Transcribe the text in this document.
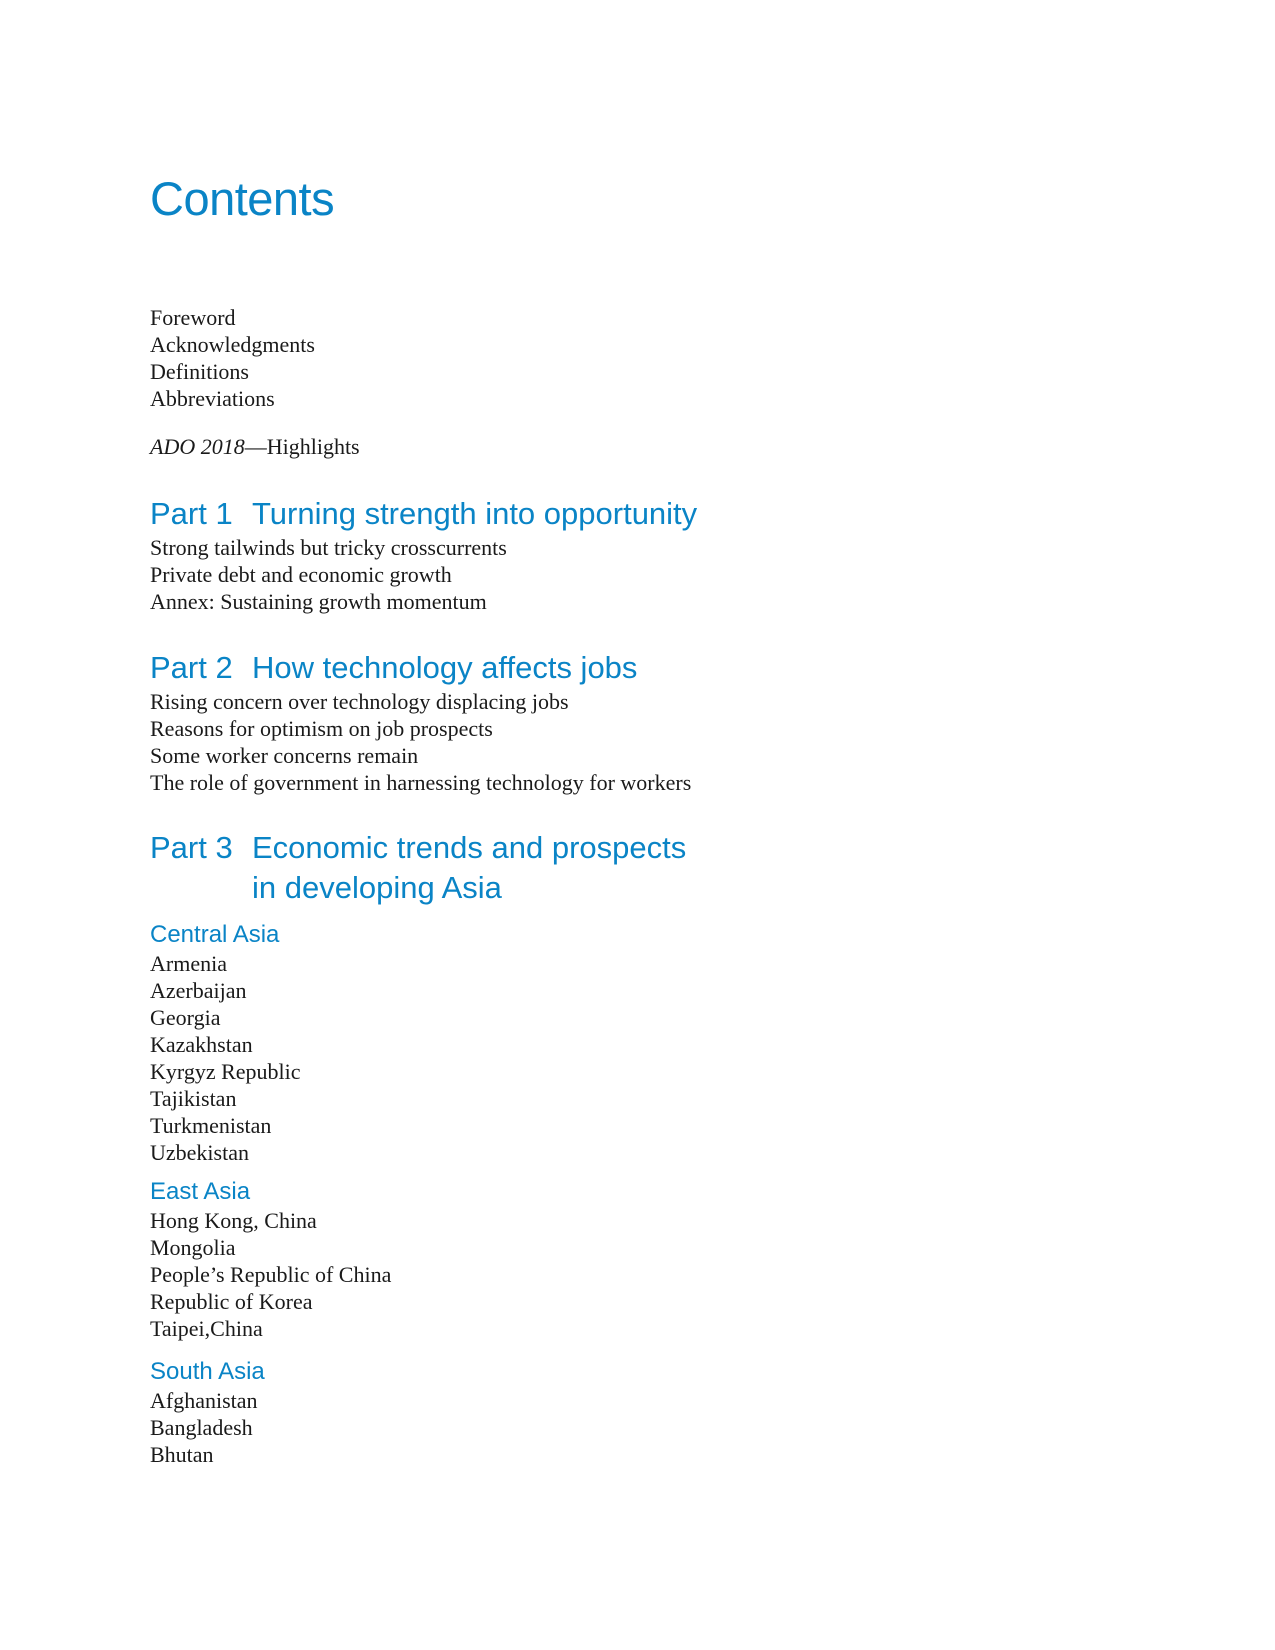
Contents
Foreword
Acknowledgments
Definitions
Abbreviations
ADO 2018—Highlights
Part 1 Turning strength into opportunity
Strong tailwinds but tricky crosscurrents
Private debt and economic growth
Annex: Sustaining growth momentum
Part 2 How technology affects jobs
Rising concern over technology displacing jobs
Reasons for optimism on job prospects
Some worker concerns remain
The role of government in harnessing technology for workers
Part 3 Economic trends and prospects
in developing Asia
Central Asia
Armenia
Azerbaijan
Georgia
Kazakhstan
Kyrgyz Republic
Tajikistan
Turkmenistan
Uzbekistan
East Asia
Hong Kong, China
Mongolia
People’s Republic of China
Republic of Korea
Taipei,China
South Asia
Afghanistan
Bangladesh
Bhutan
